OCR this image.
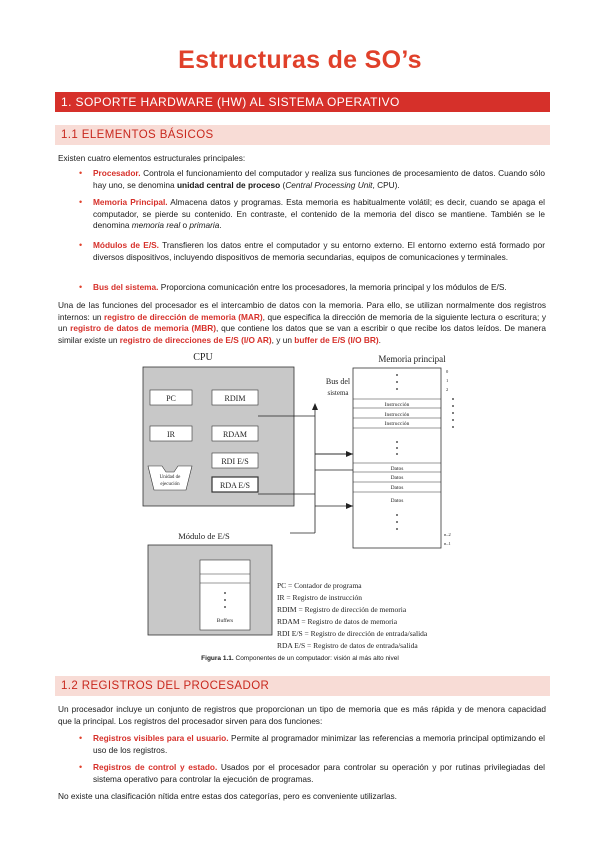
Estructuras de SO’s
1. SOPORTE HARDWARE (HW) AL SISTEMA OPERATIVO
1.1 ELEMENTOS BÁSICOS
Existen cuatro elementos estructurales principales:
• Procesador. Controla el funcionamiento del computador y realiza sus funciones de procesamiento de datos. Cuando sólo hay uno, se denomina unidad central de proceso (Central Processing Unit, CPU).
• Memoria Principal. Almacena datos y programas. Esta memoria es habitualmente volátil; es decir, cuando se apaga el computador, se pierde su contenido. En contraste, el contenido de la memoria del disco se mantiene. También se le denomina memoria real o primaria.
• Módulos de E/S. Transfieren los datos entre el computador y su entorno externo. El entorno externo está formado por diversos dispositivos, incluyendo dispositivos de memoria secundarias, equipos de comunicaciones y terminales.
• Bus del sistema. Proporciona comunicación entre los procesadores, la memoria principal y los módulos de E/S.
Una de las funciones del procesador es el intercambio de datos con la memoria. Para ello, se utilizan normalmente dos registros internos: un registro de dirección de memoria (MAR), que especifica la dirección de memoria de la siguiente lectura o escritura; y un registro de datos de memoria (MBR), que contiene los datos que se van a escribir o que recibe los datos leídos. De manera similar existe un registro de direcciones de E/S (I/O AR), y un buffer de E/S (I/O BR).
CPU
PC	RDIM
IR	RDAM
RDI E/S
RDA E/S
Unidad de
ejecución
Bus del
sistema
Memoria principal
0
1
2
n–2
n–1
Instrucción
Instrucción
Instrucción
Datos
Datos
Datos
Datos
Módulo de E/S
Buffers
PC = Contador de programa
IR = Registro de instrucción
RDIM = Registro de dirección de memoria
RDAM = Registro de datos de memoria
RDI E/S = Registro de dirección de entrada/salida
RDA E/S = Registro de datos de entrada/salida
Figura 1.1. Componentes de un computador: visión al más alto nivel
1.2 REGISTROS DEL PROCESADOR
Un procesador incluye un conjunto de registros que proporcionan un tipo de memoria que es más rápida y de menora capacidad que la principal. Los registros del procesador sirven para dos funciones:
• Registros visibles para el usuario. Permite al programador minimizar las referencias a memoria principal optimizando el uso de los registros.
• Registros de control y estado. Usados por el procesador para controlar su operación y por rutinas privilegiadas del sistema operativo para controlar la ejecución de programas.
No existe una clasificación nítida entre estas dos categorías, pero es conveniente utilizarlas.
